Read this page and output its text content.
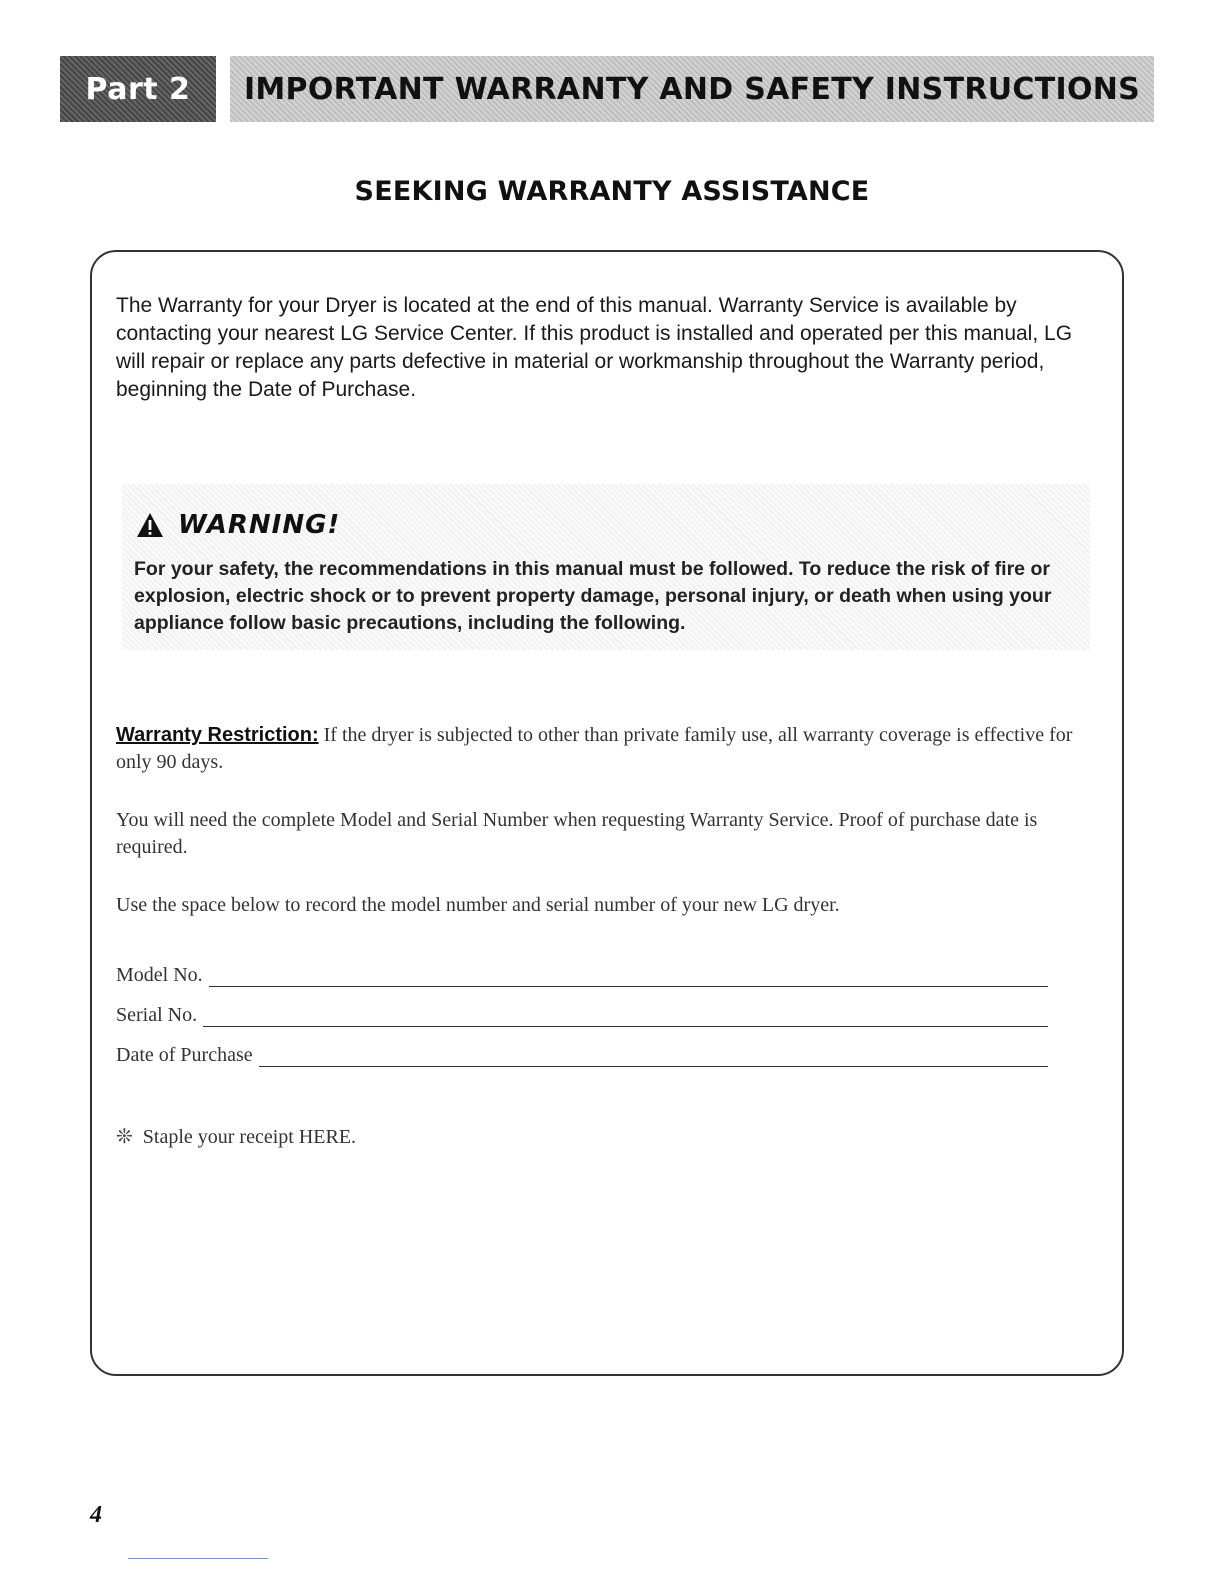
Part 2	IMPORTANT WARRANTY AND SAFETY INSTRUCTIONS
SEEKING WARRANTY ASSISTANCE
The Warranty for your Dryer is located at the end of this manual. Warranty Service is available by contacting your nearest LG Service Center. If this product is installed and operated per this manual, LG will repair or replace any parts defective in material or workmanship throughout the Warranty period, beginning the Date of Purchase.
WARNING!
For your safety, the recommendations in this manual must be followed. To reduce the risk of fire or explosion, electric shock or to prevent property damage, personal injury, or death when using your appliance follow basic precautions, including the following.
Warranty Restriction: If the dryer is subjected to other than private family use, all warranty coverage is effective for only 90 days.
You will need the complete Model and Serial Number when requesting Warranty Service. Proof of purchase date is required.
Use the space below to record the model number and serial number of your new LG dryer.
Model No.
Serial No.
Date of Purchase
❊ Staple your receipt HERE.
4
